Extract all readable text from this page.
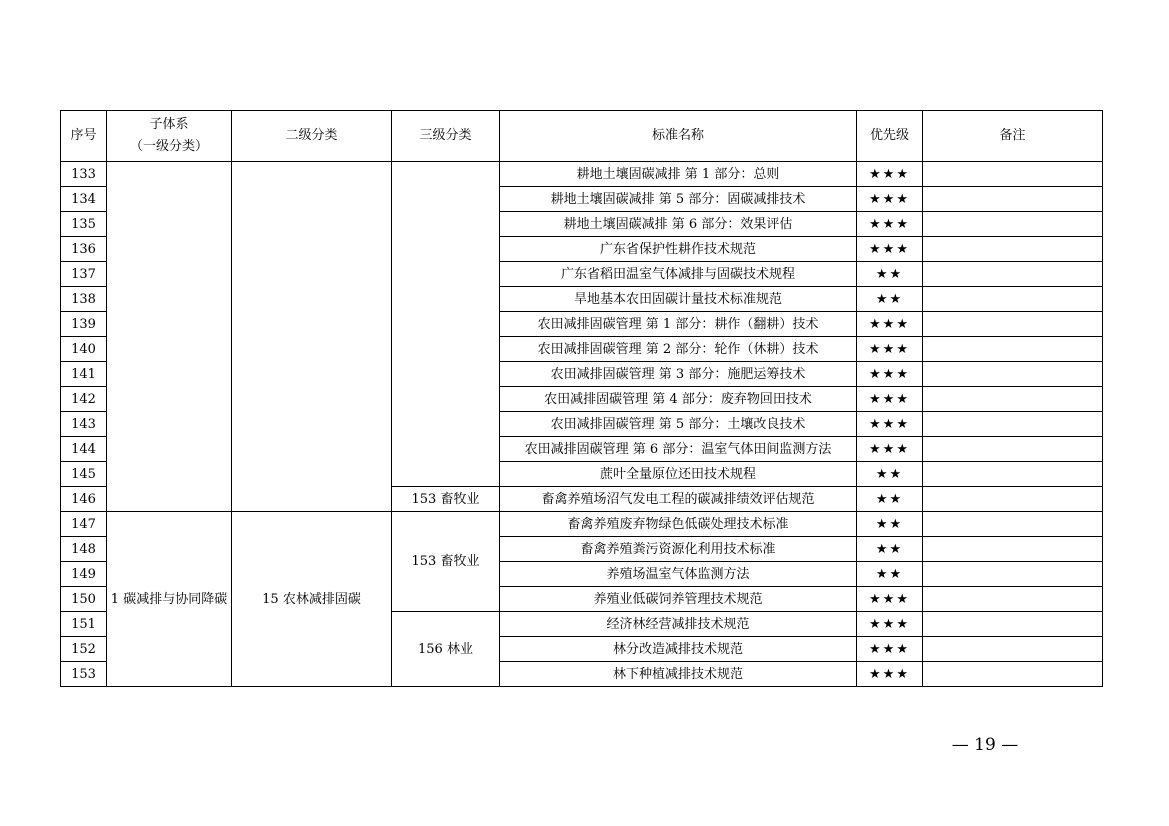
序号	子体系
（一级分类）	二级分类	三级分类	标准名称	优先级	备注
133				耕地土壤固碳减排 第 1 部分：总则	★★★	
134				耕地土壤固碳减排 第 5 部分：固碳减排技术	★★★	
135				耕地土壤固碳减排 第 6 部分：效果评估	★★★	
136				广东省保护性耕作技术规范	★★★	
137				广东省稻田温室气体减排与固碳技术规程	★★	
138				旱地基本农田固碳计量技术标准规范	★★	
139				农田减排固碳管理 第 1 部分：耕作（翻耕）技术	★★★	
140				农田减排固碳管理 第 2 部分：轮作（休耕）技术	★★★	
141				农田减排固碳管理 第 3 部分：施肥运筹技术	★★★	
142				农田减排固碳管理 第 4 部分：废弃物回田技术	★★★	
143				农田减排固碳管理 第 5 部分：土壤改良技术	★★★	
144				农田减排固碳管理 第 6 部分：温室气体田间监测方法	★★★	
145				蔗叶全量原位还田技术规程	★★	
146			153 畜牧业	畜禽养殖场沼气发电工程的碳减排绩效评估规范	★★	
147	1 碳减排与协同降碳	15 农林减排固碳	153 畜牧业	畜禽养殖废弃物绿色低碳处理技术标准	★★	
148				畜禽养殖粪污资源化利用技术标准	★★	
149				养殖场温室气体监测方法	★★	
150				养殖业低碳饲养管理技术规范	★★★	
151			156 林业	经济林经营减排技术规范	★★★	
152				林分改造减排技术规范	★★★	
153				林下种植减排技术规范	★★★	
— 19 —
